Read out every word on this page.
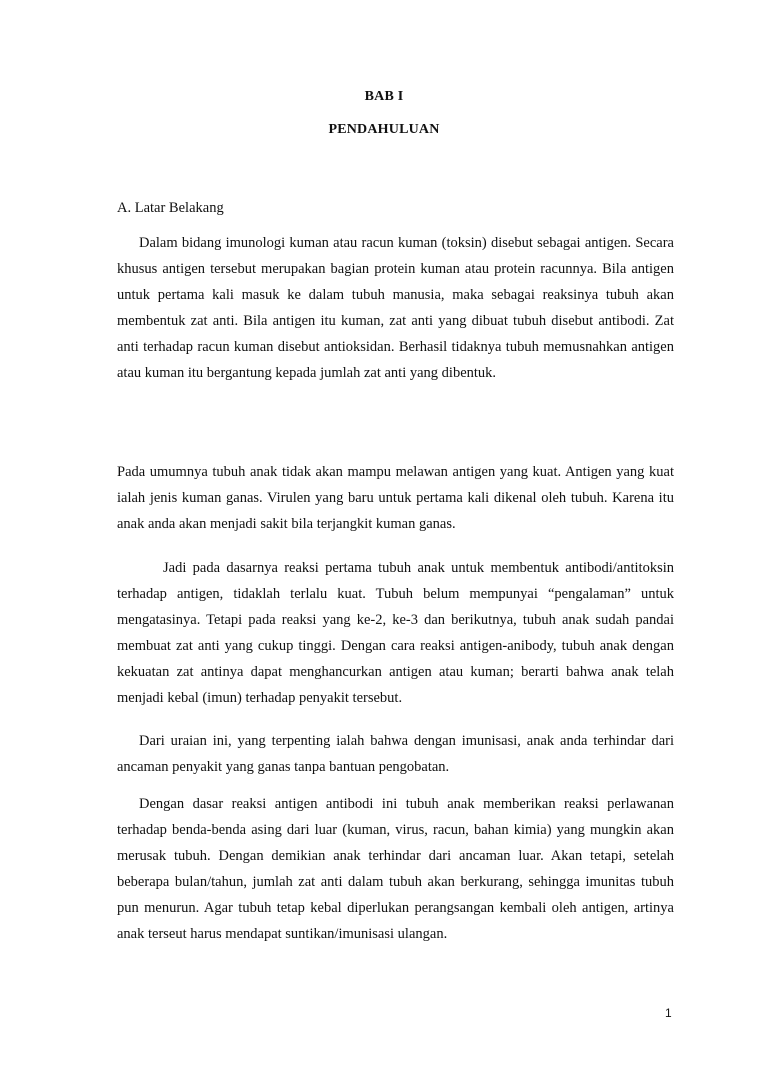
BAB I
PENDAHULUAN
A. Latar Belakang

Dalam bidang imunologi kuman atau racun kuman (toksin) disebut sebagai antigen. Secara khusus antigen tersebut merupakan bagian protein kuman atau protein racunnya. Bila antigen untuk pertama kali masuk ke dalam tubuh manusia, maka sebagai reaksinya tubuh akan membentuk zat anti. Bila antigen itu kuman, zat anti yang dibuat tubuh disebut antibodi. Zat anti terhadap racun kuman disebut antioksidan. Berhasil tidaknya tubuh memusnahkan antigen atau kuman itu bergantung kepada jumlah zat anti yang dibentuk.

Pada umumnya tubuh anak tidak akan mampu melawan antigen yang kuat. Antigen yang kuat ialah jenis kuman ganas. Virulen yang baru untuk pertama kali dikenal oleh tubuh. Karena itu anak anda akan menjadi sakit bila terjangkit kuman ganas.

Jadi pada dasarnya reaksi pertama tubuh anak untuk membentuk antibodi/antitoksin terhadap antigen, tidaklah terlalu kuat. Tubuh belum mempunyai “pengalaman” untuk mengatasinya. Tetapi pada reaksi yang ke-2, ke-3 dan berikutnya, tubuh anak sudah pandai membuat zat anti yang cukup tinggi. Dengan cara reaksi antigen-anibody, tubuh anak dengan kekuatan zat antinya dapat menghancurkan antigen atau kuman; berarti bahwa anak telah menjadi kebal (imun) terhadap penyakit tersebut.

Dari uraian ini, yang terpenting ialah bahwa dengan imunisasi, anak anda terhindar dari ancaman penyakit yang ganas tanpa bantuan pengobatan.

Dengan dasar reaksi antigen antibodi ini tubuh anak memberikan reaksi perlawanan terhadap benda-benda asing dari luar (kuman, virus, racun, bahan kimia) yang mungkin akan merusak tubuh. Dengan demikian anak terhindar dari ancaman luar. Akan tetapi, setelah beberapa bulan/tahun, jumlah zat anti dalam tubuh akan berkurang, sehingga imunitas tubuh pun menurun. Agar tubuh tetap kebal diperlukan perangsangan kembali oleh antigen, artinya anak terseut harus mendapat suntikan/imunisasi ulangan.

1
